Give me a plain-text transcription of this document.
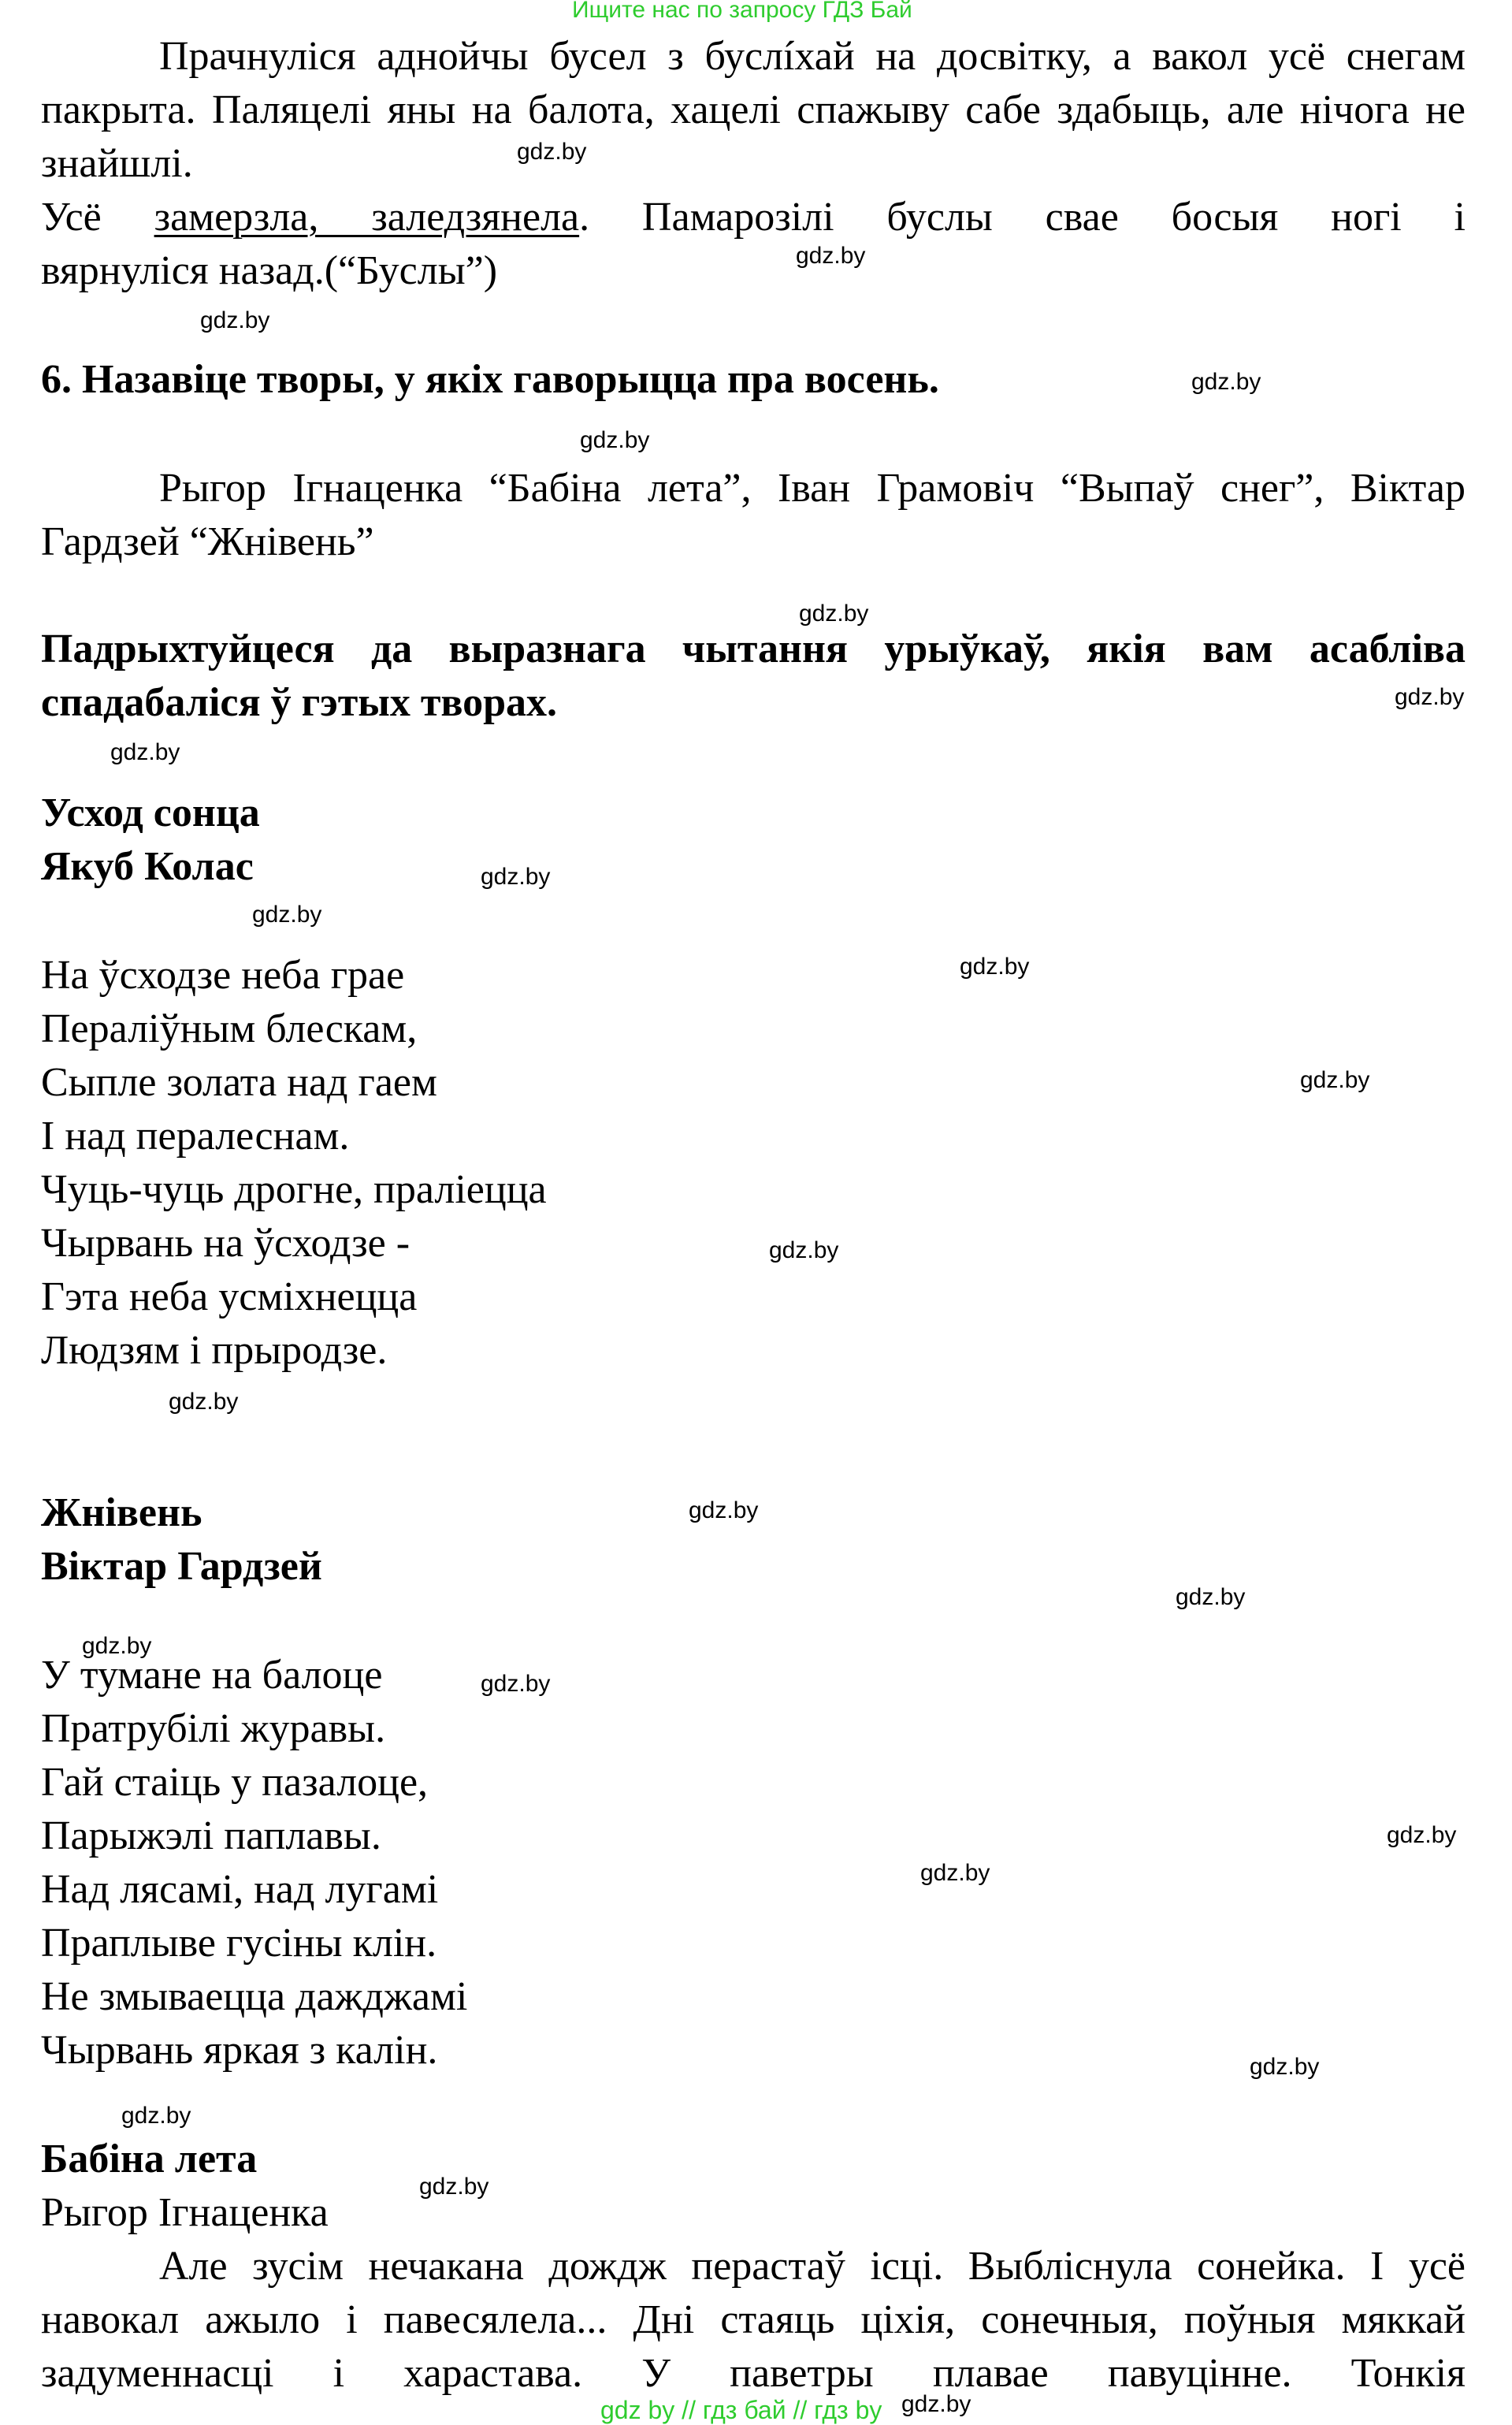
Ищите нас по запросу ГДЗ Бай
Прачнуліся аднойчы бусел з буслíхай на досвітку, а вакол усё снегам пакрыта. Паляцелі яны на балота, хацелі спажыву сабе здабыць, але нічога не знайшлі.
Усё замерзла, заледзянела. Памарозілі буслы свае босыя ногі і
вярнуліся назад.(“Буслы”)
6. Назавіце творы, у якіх гаворыцца пра восень.
Рыгор Ігнаценка “Бабіна лета”, Іван Грамовіч “Выпаў снег”, Віктар Гардзей “Жнівень”
Падрыхтуйцеся да выразнага чытання урыўкаў, якія вам асабліва спадабаліся ў гэтых творах.
Усход сонца
Якуб Колас
На ўсходзе неба грае
Пераліўным блескам,
Сыпле золата над гаем
І над пералеснам.
Чуць-чуць дрогне, праліецца
Чырвань на ўсходзе -
Гэта неба усміхнецца
Людзям і прыродзе.
Жнівень
Віктар Гардзей
У тумане на балоце
Пратрубілі журавы.
Гай стаіць у пазалоце,
Парыжэлі паплавы.
Над лясамі, над лугамі
Праплыве гусіны клін.
Не змываецца дажджамі
Чырвань яркая з калін.
Бабіна лета
Рыгор Ігнаценка
Але зусім нечакана дождж перастаў ісці. Выбліснула сонейка. І усё навокал ажыло і павесялела... Дні стаяць ціхія, сонечныя, поўныя мяккай задуменнасці і харастава. У паветры плавае павуцінне. Тонкія
gdz.by
gdz.by
gdz.by
gdz.by
gdz.by
gdz.by
gdz.by
gdz.by
gdz.by
gdz.by
gdz.by
gdz.by
gdz.by
gdz.by
gdz.by
gdz.by
gdz.by
gdz.by
gdz.by
gdz.by
gdz.by
gdz.by
gdz.by
gdz.by
gdz by // гдз бай // гдз by
